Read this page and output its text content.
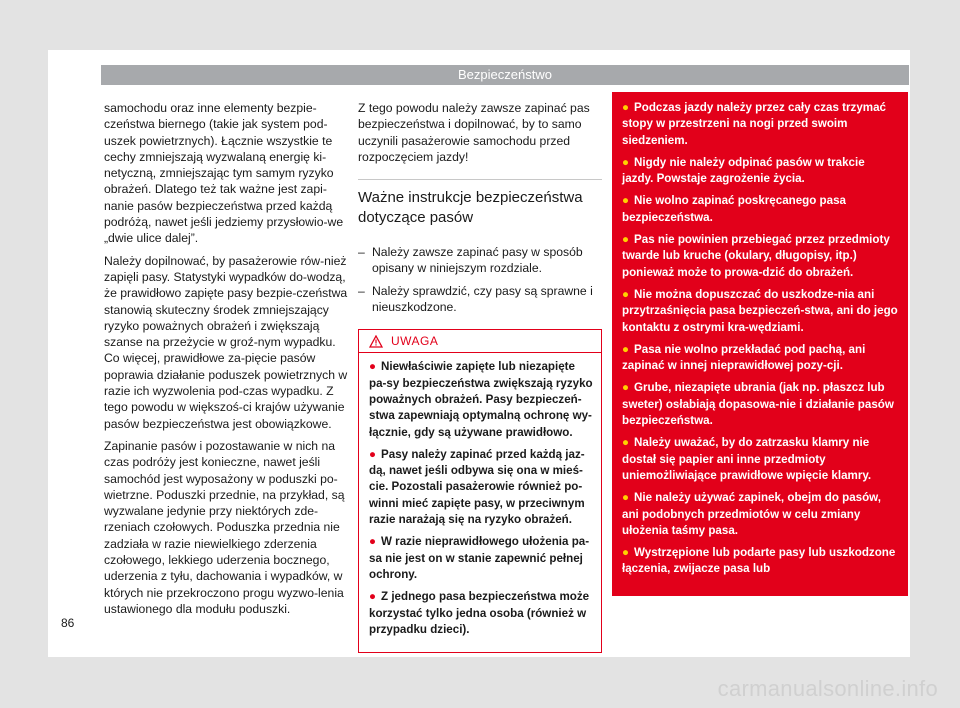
Bezpieczeństwo

samochodu oraz inne elementy bezpie-czeństwa biernego (takie jak system pod-uszek powietrznych). Łącznie wszystkie te cechy zmniejszają wyzwalaną energię ki-netyczną, zmniejszając tym samym ryzyko obrażeń. Dlatego też tak ważne jest zapi-nanie pasów bezpieczeństwa przed każdą podróżą, nawet jeśli jedziemy przysłowio-we „dwie ulice dalej”.

Należy dopilnować, by pasażerowie rów-nież zapięli pasy. Statystyki wypadków do-wodzą, że prawidłowo zapięte pasy bezpie-czeństwa stanowią skuteczny środek zmniejszający ryzyko poważnych obrażeń i zwiększają szanse na przeżycie w groź-nym wypadku. Co więcej, prawidłowe za-pięcie pasów poprawia działanie poduszek powietrznych w razie ich wyzwolenia pod-czas wypadku. Z tego powodu w większoś-ci krajów używanie pasów bezpieczeństwa jest obowiązkowe.

Zapinanie pasów i pozostawanie w nich na czas podróży jest konieczne, nawet jeśli samochód jest wyposażony w poduszki po-wietrzne. Poduszki przednie, na przykład, są wyzwalane jedynie przy niektórych zde-rzeniach czołowych. Poduszka przednia nie zadziała w razie niewielkiego zderzenia czołowego, lekkiego uderzenia bocznego, uderzenia z tyłu, dachowania i wypadków, w których nie przekroczono progu wyzwo-lenia ustawionego dla modułu poduszki.

Z tego powodu należy zawsze zapinać pas bezpieczeństwa i dopilnować, by to samo uczynili pasażerowie samochodu przed rozpoczęciem jazdy!

Ważne instrukcje bezpieczeństwa dotyczące pasów
– Należy zawsze zapinać pasy w sposób opisany w niniejszym rozdziale.
– Należy sprawdzić, czy pasy są sprawne i nieuszkodzone.
UWAGA
● Niewłaściwie zapięte lub niezapięte pa-sy bezpieczeństwa zwiększają ryzyko poważnych obrażeń. Pasy bezpieczeń-stwa zapewniają optymalną ochronę wy-łącznie, gdy są używane prawidłowo.
● Pasy należy zapinać przed każdą jaz-dą, nawet jeśli odbywa się ona w mieś-cie. Pozostali pasażerowie również po-winni mieć zapięte pasy, w przeciwnym razie narażają się na ryzyko obrażeń.
● W razie nieprawidłowego ułożenia pa-sa nie jest on w stanie zapewnić pełnej ochrony.
● Z jednego pasa bezpieczeństwa może korzystać tylko jedna osoba (również w przypadku dzieci).
● Podczas jazdy należy przez cały czas trzymać stopy w przestrzeni na nogi przed swoim siedzeniem.
● Nigdy nie należy odpinać pasów w trakcie jazdy. Powstaje zagrożenie życia.
● Nie wolno zapinać poskręcanego pasa bezpieczeństwa.
● Pas nie powinien przebiegać przez przedmioty twarde lub kruche (okulary, długopisy, itp.) ponieważ może to prowa-dzić do obrażeń.
● Nie można dopuszczać do uszkodze-nia ani przytrzaśnięcia pasa bezpieczeń-stwa, ani do jego kontaktu z ostrymi kra-wędziami.
● Pasa nie wolno przekładać pod pachą, ani zapinać w innej nieprawidłowej pozy-cji.
● Grube, niezapięte ubrania (jak np. płaszcz lub sweter) osłabiają dopasowa-nie i działanie pasów bezpieczeństwa.
● Należy uważać, by do zatrzasku klamry nie dostał się papier ani inne przedmioty uniemożliwiające prawidłowe wpięcie klamry.
● Nie należy używać zapinek, obejm do pasów, ani podobnych przedmiotów w celu zmiany ułożenia taśmy pasa.
● Wystrzępione lub podarte pasy lub uszkodzone łączenia, zwijacze pasa lub
86
carmanualsonline.info
